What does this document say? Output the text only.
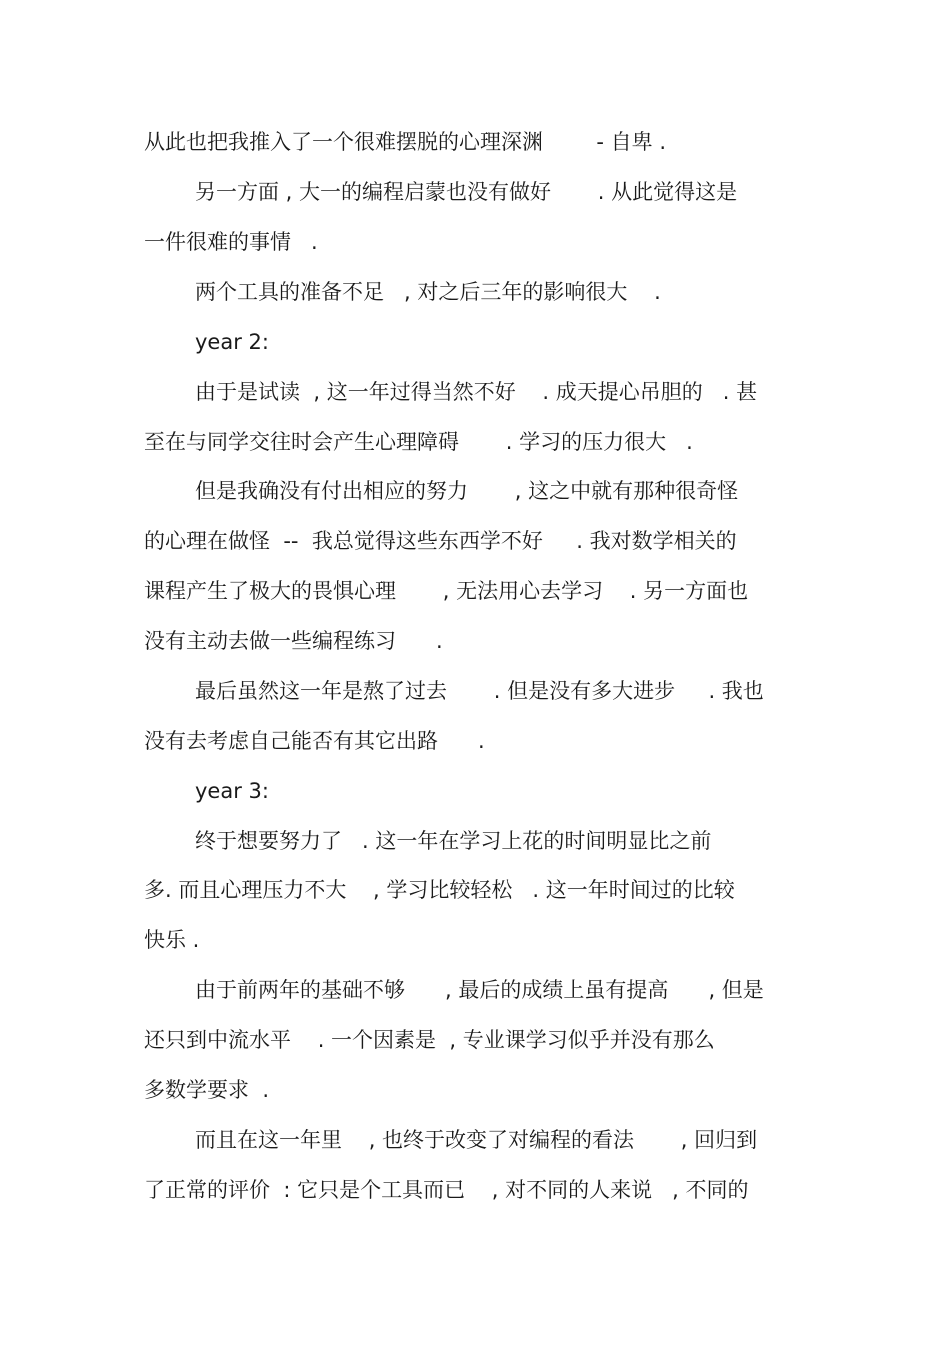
从此也把我推入了一个很难摆脱的心理深渊        - 自卑 .
另一方面 , 大一的编程启蒙也没有做好       . 从此觉得这是
一件很难的事情   .
两个工具的准备不足   , 对之后三年的影响很大    .
year 2:
由于是试读  , 这一年过得当然不好    . 成天提心吊胆的   . 甚
至在与同学交往时会产生心理障碍       . 学习的压力很大   .
但是我确没有付出相应的努力       , 这之中就有那种很奇怪
的心理在做怪  --  我总觉得这些东西学不好     . 我对数学相关的
课程产生了极大的畏惧心理       , 无法用心去学习    . 另一方面也
没有主动去做一些编程练习      .
最后虽然这一年是熬了过去       . 但是没有多大进步     . 我也
没有去考虑自己能否有其它出路      .
year 3:
终于想要努力了   . 这一年在学习上花的时间明显比之前
多. 而且心理压力不大    , 学习比较轻松   . 这一年时间过的比较
快乐 .
由于前两年的基础不够      , 最后的成绩上虽有提高      , 但是
还只到中流水平    . 一个因素是  , 专业课学习似乎并没有那么
多数学要求  .
而且在这一年里    , 也终于改变了对编程的看法       , 回归到
了正常的评价  : 它只是个工具而已    , 对不同的人来说   , 不同的
